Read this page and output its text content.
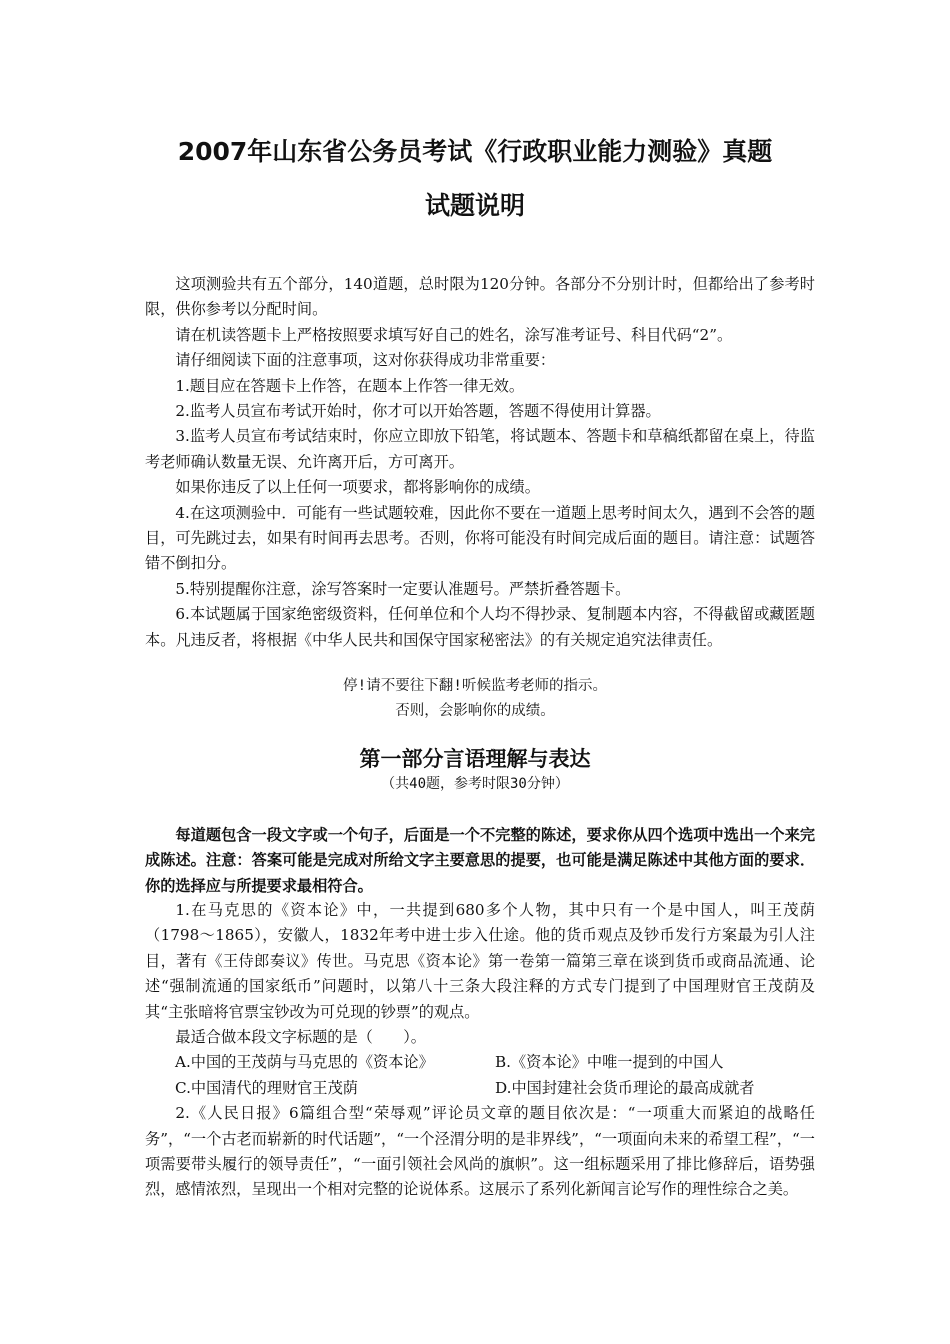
2007年山东省公务员考试《行政职业能力测验》真题
试题说明

这项测验共有五个部分，140道题，总时限为120分钟。各部分不分别计时，但都给出了参考时限，供你参考以分配时间。

请在机读答题卡上严格按照要求填写好自己的姓名，涂写准考证号、科目代码“2”。

请仔细阅读下面的注意事项，这对你获得成功非常重要：

1.题目应在答题卡上作答，在题本上作答一律无效。

2.监考人员宣布考试开始时，你才可以开始答题，答题不得使用计算器。

3.监考人员宣布考试结束时，你应立即放下铅笔，将试题本、答题卡和草稿纸都留在桌上，待监考老师确认数量无误、允许离开后，方可离开。

如果你违反了以上任何一项要求，都将影响你的成绩。

4.在这项测验中．可能有一些试题较难，因此你不要在一道题上思考时间太久，遇到不会答的题目，可先跳过去，如果有时间再去思考。否则，你将可能没有时间完成后面的题目。请注意：试题答错不倒扣分。

5.特别提醒你注意，涂写答案时一定要认准题号。严禁折叠答题卡。

6.本试题属于国家绝密级资料，任何单位和个人均不得抄录、复制题本内容，不得截留或藏匿题本。凡违反者，将根据《中华人民共和国保守国家秘密法》的有关规定追究法律责任。

停!请不要往下翻!听候监考老师的指示。
否则，会影响你的成绩。
第一部分言语理解与表达
（共40题，参考时限30分钟）

每道题包含一段文字或一个句子，后面是一个不完整的陈述，要求你从四个选项中选出一个来完成陈述。注意：答案可能是完成对所给文字主要意思的提要，也可能是满足陈述中其他方面的要求．你的选择应与所提要求最相符合。

1.在马克思的《资本论》中，一共提到680多个人物，其中只有一个是中国人，叫王茂荫（1798～1865），安徽人，1832年考中进士步入仕途。他的货币观点及钞币发行方案最为引人注目，著有《王侍郎奏议》传世。马克思《资本论》第一卷第一篇第三章在谈到货币或商品流通、论述“强制流通的国家纸币”问题时，以第八十三条大段注释的方式专门提到了中国理财官王茂荫及其“主张暗将官票宝钞改为可兑现的钞票”的观点。

最适合做本段文字标题的是（　　）。

A.中国的王茂荫与马克思的《资本论》	B.《资本论》中唯一提到的中国人
C.中国清代的理财官王茂荫	D.中国封建社会货币理论的最高成就者

2.《人民日报》6篇组合型“荣辱观”评论员文章的题目依次是：“一项重大而紧迫的战略任务”，“一个古老而崭新的时代话题”，“一个泾渭分明的是非界线”，“一项面向未来的希望工程”，“一项需要带头履行的领导责任”，“一面引领社会风尚的旗帜”。这一组标题采用了排比修辞后，语势强烈，感情浓烈，呈现出一个相对完整的论说体系。这展示了系列化新闻言论写作的理性综合之美。
